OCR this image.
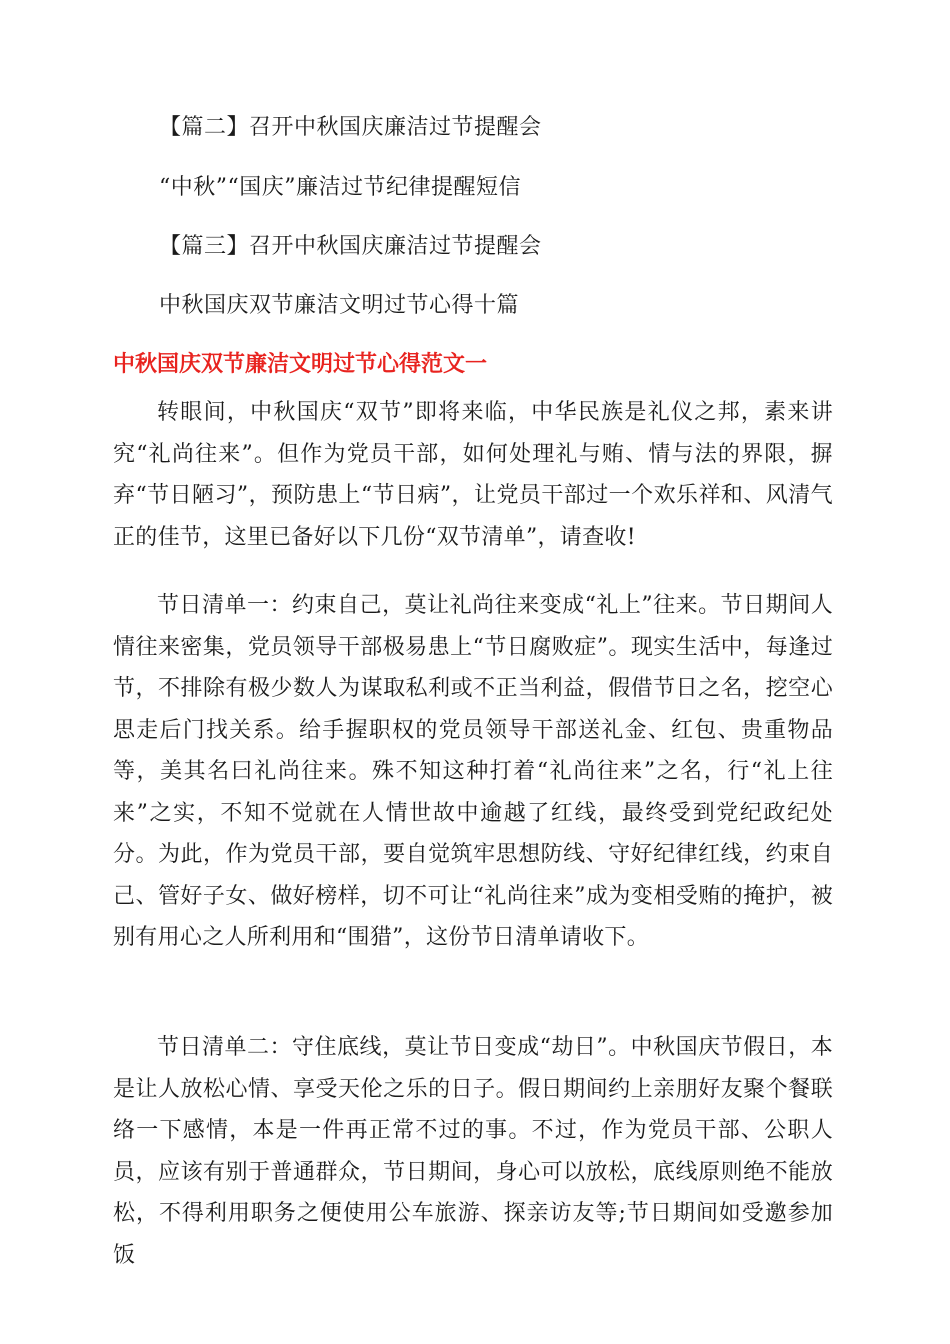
【篇二】召开中秋国庆廉洁过节提醒会
“中秋”“国庆”廉洁过节纪律提醒短信
【篇三】召开中秋国庆廉洁过节提醒会
中秋国庆双节廉洁文明过节心得十篇
中秋国庆双节廉洁文明过节心得范文一

转眼间，中秋国庆“双节”即将来临，中华民族是礼仪之邦，素来讲究“礼尚往来”。但作为党员干部，如何处理礼与贿、情与法的界限，摒弃“节日陋习”，预防患上“节日病”，让党员干部过一个欢乐祥和、风清气正的佳节，这里已备好以下几份“双节清单”，请查收!

节日清单一：约束自己，莫让礼尚往来变成“礼上”往来。节日期间人情往来密集，党员领导干部极易患上“节日腐败症”。现实生活中，每逢过节，不排除有极少数人为谋取私利或不正当利益，假借节日之名，挖空心思走后门找关系。给手握职权的党员领导干部送礼金、红包、贵重物品等，美其名曰礼尚往来。殊不知这种打着“礼尚往来”之名，行“礼上往来”之实，不知不觉就在人情世故中逾越了红线，最终受到党纪政纪处分。为此，作为党员干部，要自觉筑牢思想防线、守好纪律红线，约束自己、管好子女、做好榜样，切不可让“礼尚往来”成为变相受贿的掩护，被别有用心之人所利用和“围猎”，这份节日清单请收下。

节日清单二：守住底线，莫让节日变成“劫日”。中秋国庆节假日，本是让人放松心情、享受天伦之乐的日子。假日期间约上亲朋好友聚个餐联络一下感情，本是一件再正常不过的事。不过，作为党员干部、公职人员，应该有别于普通群众，节日期间，身心可以放松，底线原则绝不能放松，不得利用职务之便使用公车旅游、探亲访友等;节日期间如受邀参加饭
